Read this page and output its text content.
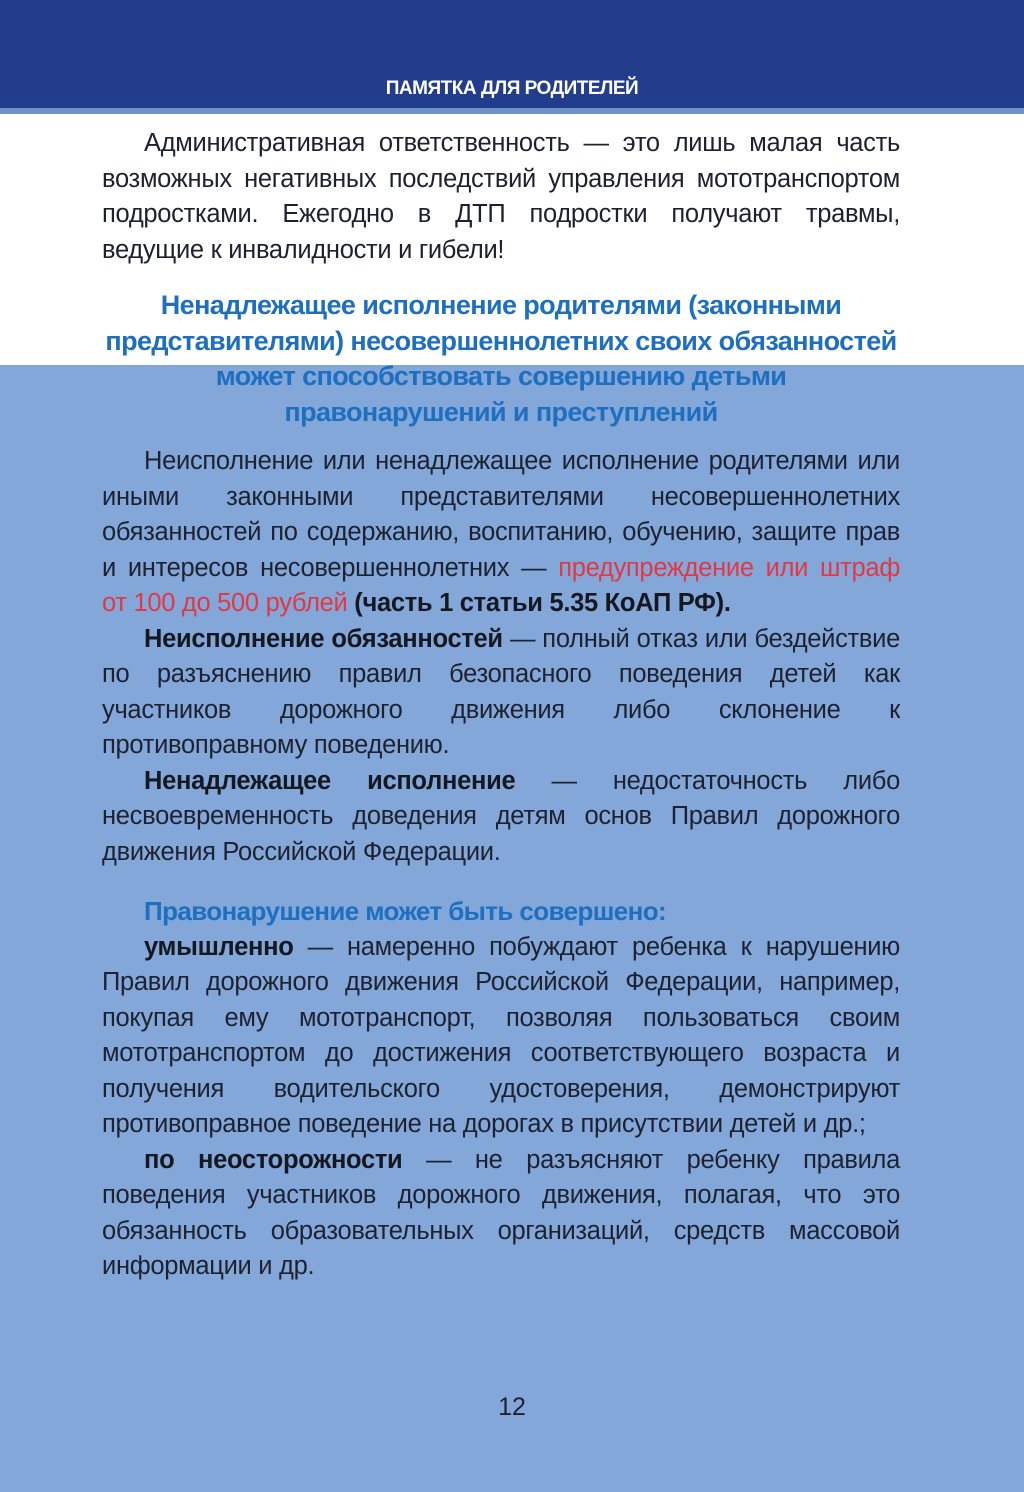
ПАМЯТКА ДЛЯ РОДИТЕЛЕЙ

Административная ответственность — это лишь малая часть возможных негативных последствий управления мототранспортом подростками. Ежегодно в ДТП подростки получают травмы, ведущие к инвалидности и гибели!

Ненадлежащее исполнение родителями (законными представителями) несовершеннолетних своих обязанностей может способствовать совершению детьми правонарушений и преступлений

Неисполнение или ненадлежащее исполнение родителями или иными законными представителями несовершеннолетних обязанностей по содержанию, воспитанию, обучению, защите прав и интересов несовершеннолетних — предупреждение или штраф от 100 до 500 рублей (часть 1 статьи 5.35 КоАП РФ).

Неисполнение обязанностей — полный отказ или бездействие по разъяснению правил безопасного поведения детей как участников дорожного движения либо склонение к противоправному поведению.

Ненадлежащее исполнение — недостаточность либо несвоевременность доведения детям основ Правил дорожного движения Российской Федерации.

Правонарушение может быть совершено:

умышленно — намеренно побуждают ребенка к нарушению Правил дорожного движения Российской Федерации, например, покупая ему мототранспорт, позволяя пользоваться своим мототранспортом до достижения соответствующего возраста и получения водительского удостоверения, демонстрируют противоправное поведение на дорогах в присутствии детей и др.;

по неосторожности — не разъясняют ребенку правила поведения участников дорожного движения, полагая, что это обязанность образовательных организаций, средств массовой информации и др.

12
